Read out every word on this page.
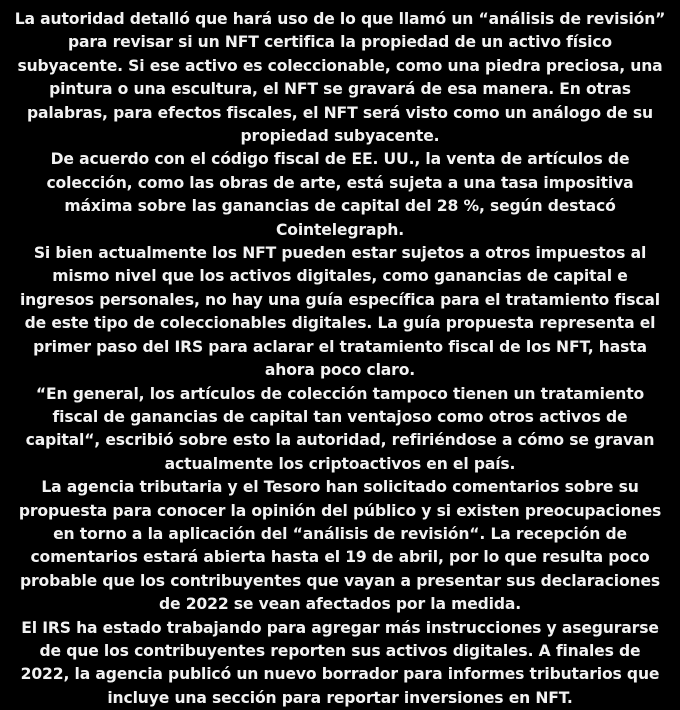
La autoridad detalló que hará uso de lo que llamó un “análisis de revisión” para revisar si un NFT certifica la propiedad de un activo físico subyacente. Si ese activo es coleccionable, como una piedra preciosa, una pintura o una escultura, el NFT se gravará de esa manera. En otras palabras, para efectos fiscales, el NFT será visto como un análogo de su propiedad subyacente.

De acuerdo con el código fiscal de EE. UU., la venta de artículos de colección, como las obras de arte, está sujeta a una tasa impositiva máxima sobre las ganancias de capital del 28 %, según destacó Cointelegraph.

Si bien actualmente los NFT pueden estar sujetos a otros impuestos al mismo nivel que los activos digitales, como ganancias de capital e ingresos personales, no hay una guía específica para el tratamiento fiscal de este tipo de coleccionables digitales. La guía propuesta representa el primer paso del IRS para aclarar el tratamiento fiscal de los NFT, hasta ahora poco claro.

“En general, los artículos de colección tampoco tienen un tratamiento fiscal de ganancias de capital tan ventajoso como otros activos de capital“, escribió sobre esto la autoridad, refiriéndose a cómo se gravan actualmente los criptoactivos en el país.

La agencia tributaria y el Tesoro han solicitado comentarios sobre su propuesta para conocer la opinión del público y si existen preocupaciones en torno a la aplicación del “análisis de revisión“. La recepción de comentarios estará abierta hasta el 19 de abril, por lo que resulta poco probable que los contribuyentes que vayan a presentar sus declaraciones de 2022 se vean afectados por la medida.

El IRS ha estado trabajando para agregar más instrucciones y asegurarse de que los contribuyentes reporten sus activos digitales. A finales de 2022, la agencia publicó un nuevo borrador para informes tributarios que incluye una sección para reportar inversiones en NFT.
